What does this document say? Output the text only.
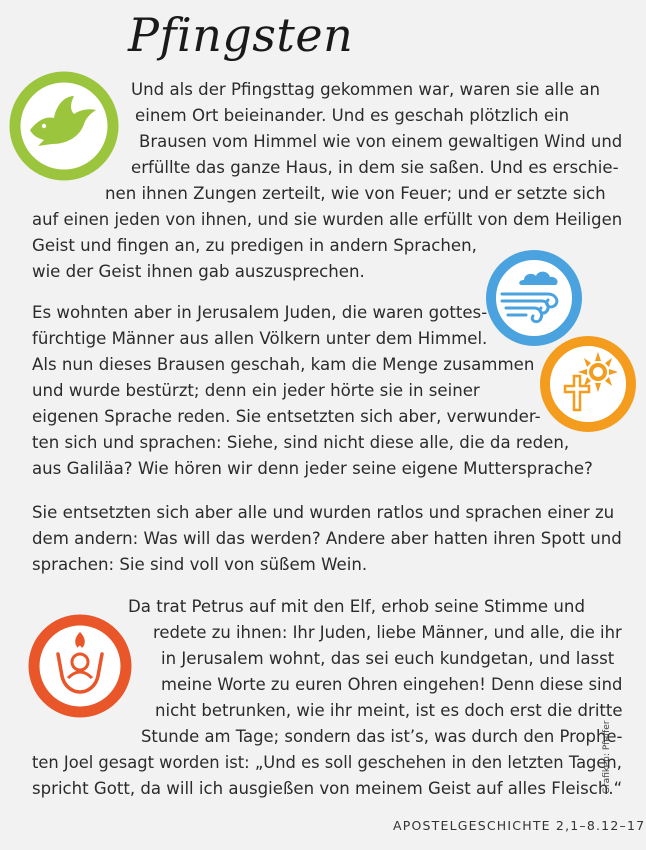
Pfingsten

Und als der Pfingsttag gekommen war, waren sie alle an

einem Ort beieinander. Und es geschah plötzlich ein

Brausen vom Himmel wie von einem gewaltigen Wind und

erfüllte das ganze Haus, in dem sie saßen. Und es erschie-

nen ihnen Zungen zerteilt, wie von Feuer; und er setzte sich

auf einen jeden von ihnen, und sie wurden alle erfüllt von dem Heiligen

Geist und fingen an, zu predigen in andern Sprachen,

wie der Geist ihnen gab auszusprechen.

Es wohnten aber in Jerusalem Juden, die waren gottes-

fürchtige Männer aus allen Völkern unter dem Himmel.

Als nun dieses Brausen geschah, kam die Menge zusammen

und wurde bestürzt; denn ein jeder hörte sie in seiner

eigenen Sprache reden. Sie entsetzten sich aber, verwunder-

ten sich und sprachen: Siehe, sind nicht diese alle, die da reden,

aus Galiläa? Wie hören wir denn jeder seine eigene Muttersprache?

Sie entsetzten sich aber alle und wurden ratlos und sprachen einer zu

dem andern: Was will das werden? Andere aber hatten ihren Spott und

sprachen: Sie sind voll von süßem Wein.

Da trat Petrus auf mit den Elf, erhob seine Stimme und

redete zu ihnen: Ihr Juden, liebe Männer, und alle, die ihr

in Jerusalem wohnt, das sei euch kundgetan, und lasst

meine Worte zu euren Ohren eingehen! Denn diese sind

nicht betrunken, wie ihr meint, ist es doch erst die dritte

Stunde am Tage; sondern das ist’s, was durch den Prophe-

ten Joel gesagt worden ist: „Und es soll geschehen in den letzten Tagen,

spricht Gott, da will ich ausgießen von meinem Geist auf alles Fleisch.“

APOSTELGESCHICHTE 2,1–8.12–17
Grafiken: Pfeffer
